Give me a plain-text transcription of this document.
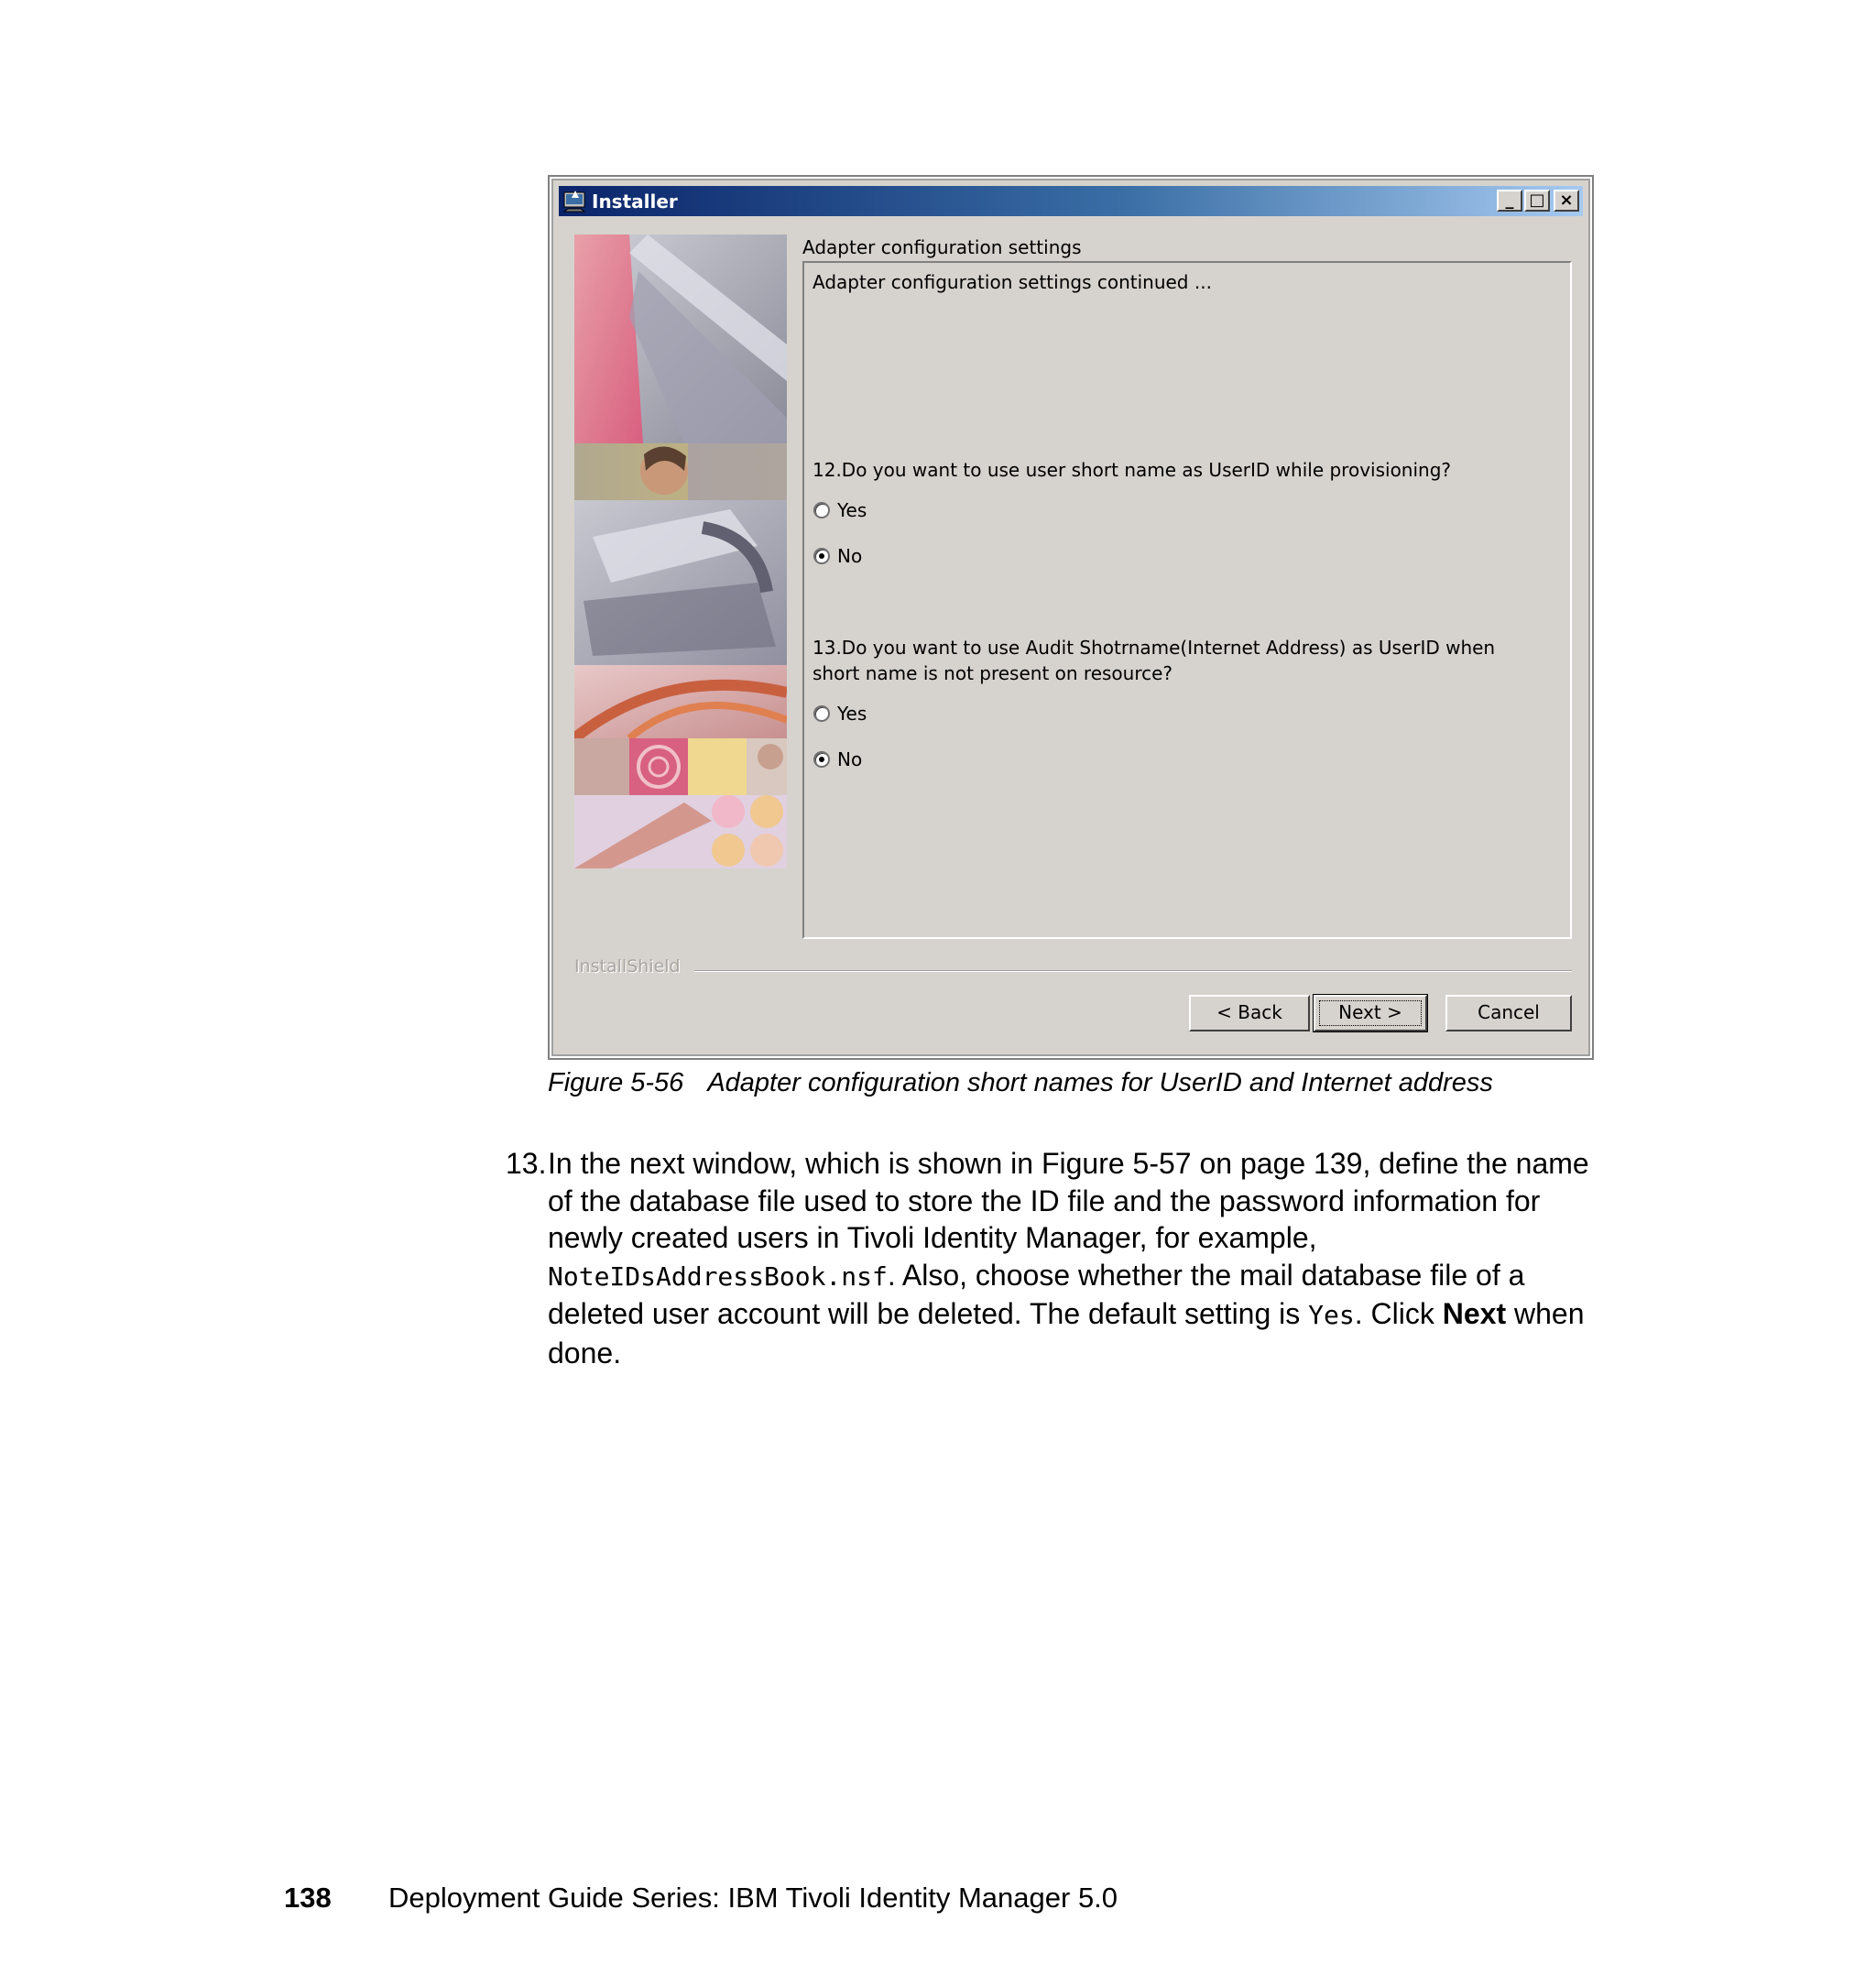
Installer	_ □ ×
Adapter configuration settings
Adapter configuration settings continued ...
12.Do you want to use user short name as UserID while provisioning?
Yes
No
13.Do you want to use Audit Shotrname(Internet Address) as UserID when short name is not present on resource?
Yes
No
InstallShield
< Back	Next >	Cancel
Figure 5-56 Adapter configuration short names for UserID and Internet address
13. In the next window, which is shown in Figure 5-57 on page 139, define the name of the database file used to store the ID file and the password information for newly created users in Tivoli Identity Manager, for example, NoteIDsAddressBook.nsf. Also, choose whether the mail database file of a deleted user account will be deleted. The default setting is Yes. Click Next when done.
138 Deployment Guide Series: IBM Tivoli Identity Manager 5.0
